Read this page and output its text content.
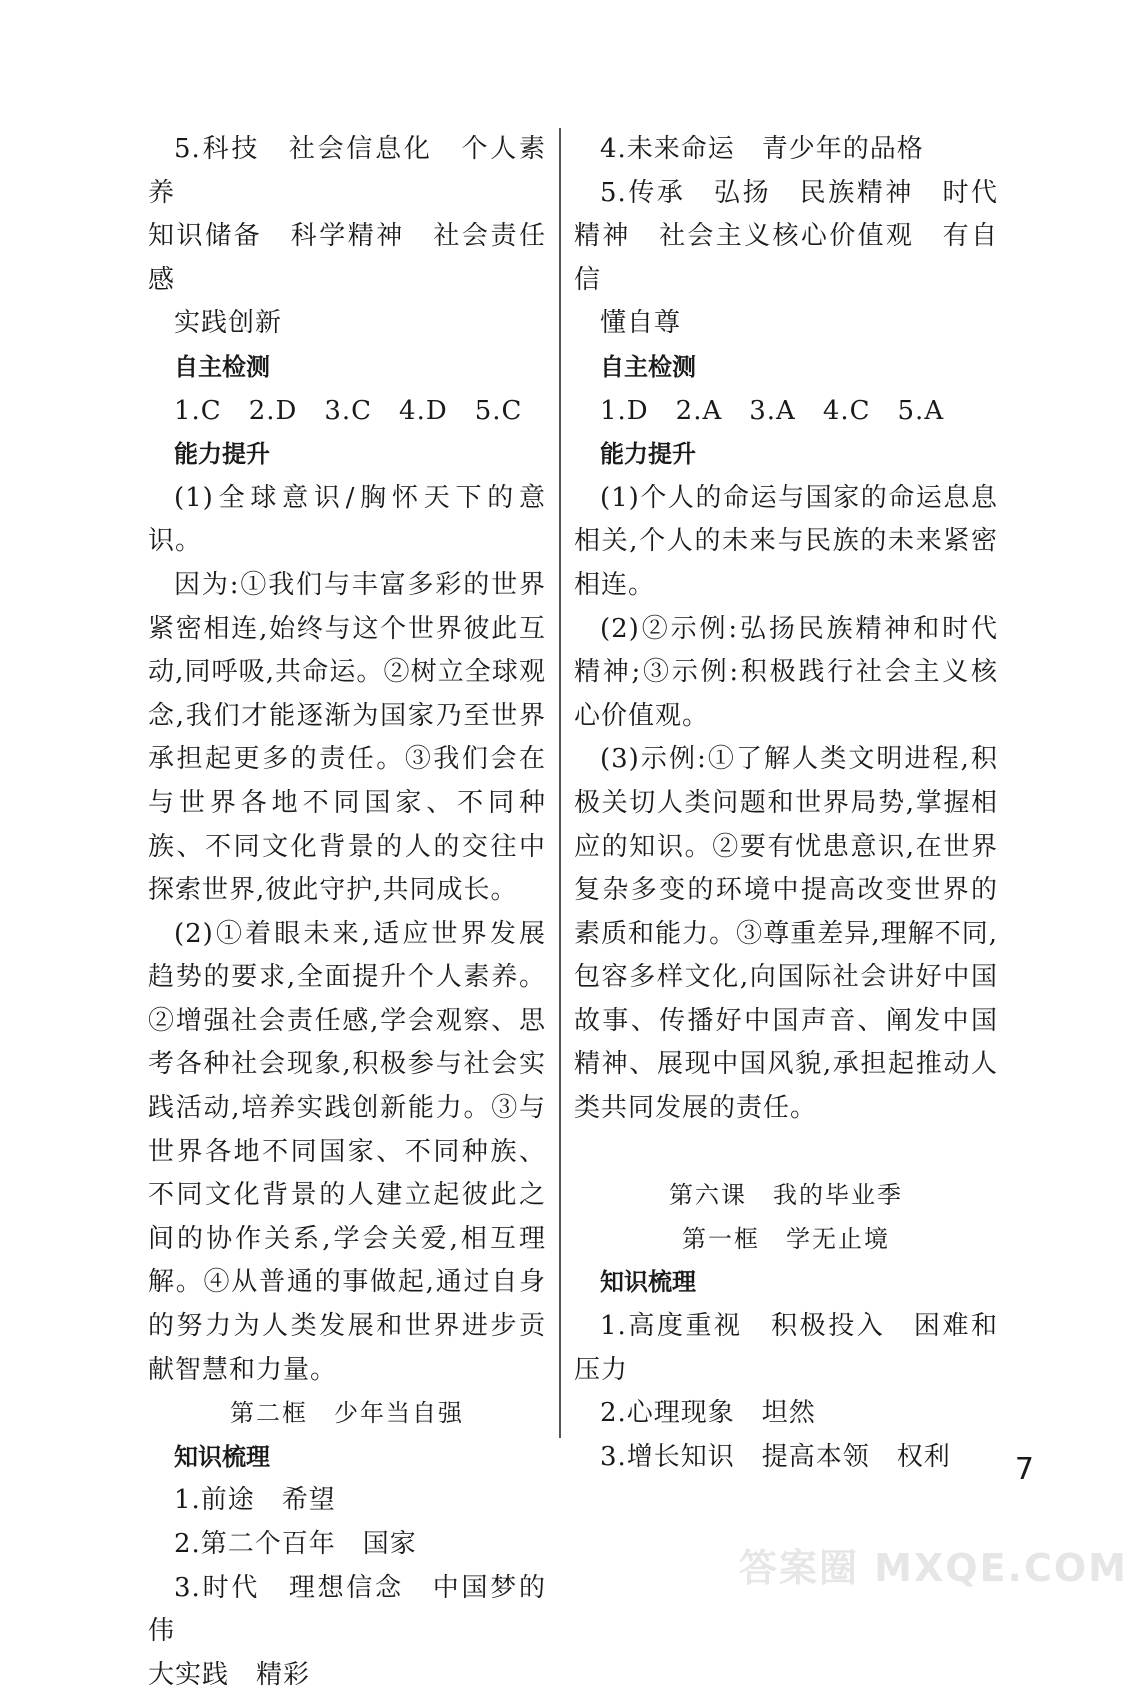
5.科技　社会信息化　个人素养

知识储备　科学精神　社会责任感

实践创新

自主检测

1.C　2.D　3.C　4.D　5.C

能力提升

(1)全球意识/胸怀天下的意识。

因为:①我们与丰富多彩的世界紧密相连,始终与这个世界彼此互动,同呼吸,共命运。②树立全球观念,我们才能逐渐为国家乃至世界承担起更多的责任。③我们会在与世界各地不同国家、不同种族、不同文化背景的人的交往中探索世界,彼此守护,共同成长。

(2)①着眼未来,适应世界发展趋势的要求,全面提升个人素养。②增强社会责任感,学会观察、思考各种社会现象,积极参与社会实践活动,培养实践创新能力。③与世界各地不同国家、不同种族、不同文化背景的人建立起彼此之间的协作关系,学会关爱,相互理解。④从普通的事做起,通过自身的努力为人类发展和世界进步贡献智慧和力量。

第二框　少年当自强

知识梳理

1.前途　希望

2.第二个百年　国家

3.时代　理想信念　中国梦的伟

大实践　精彩

4.未来命运　青少年的品格

5.传承　弘扬　民族精神　时代精神　社会主义核心价值观　有自信

懂自尊

自主检测

1.D　2.A　3.A　4.C　5.A

能力提升

(1)个人的命运与国家的命运息息相关,个人的未来与民族的未来紧密相连。

(2)②示例:弘扬民族精神和时代精神;③示例:积极践行社会主义核心价值观。

(3)示例:①了解人类文明进程,积极关切人类问题和世界局势,掌握相应的知识。②要有忧患意识,在世界复杂多变的环境中提高改变世界的素质和能力。③尊重差异,理解不同,包容多样文化,向国际社会讲好中国故事、传播好中国声音、阐发中国精神、展现中国风貌,承担起推动人类共同发展的责任。

第六课　我的毕业季

第一框　学无止境

知识梳理

1.高度重视　积极投入　困难和压力

2.心理现象　坦然

3.增长知识　提高本领　权利	7
答案圈 MXQE.COM
